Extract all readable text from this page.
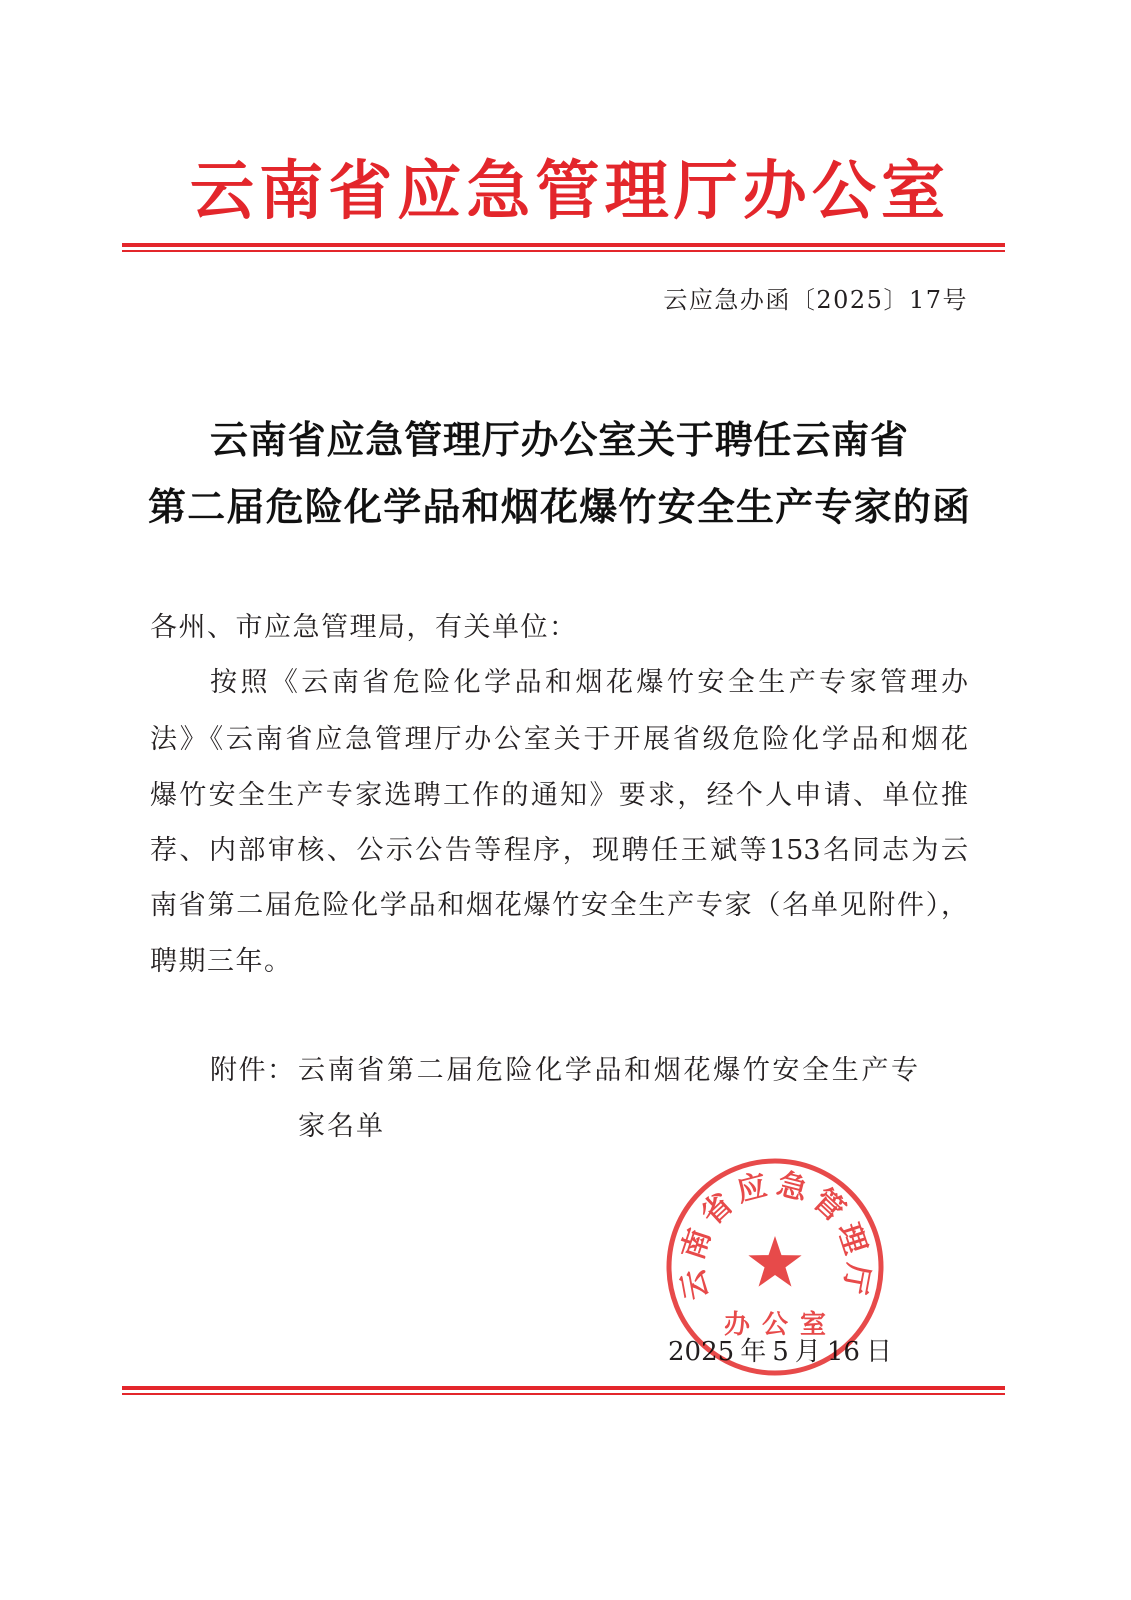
云南省应急管理厅办公室
云应急办函〔2025〕17号
云南省应急管理厅办公室关于聘任云南省
第二届危险化学品和烟花爆竹安全生产专家的函
各州、市应急管理局，有关单位：
按照《云南省危险化学品和烟花爆竹安全生产专家管理办
法》《云南省应急管理厅办公室关于开展省级危险化学品和烟花
爆竹安全生产专家选聘工作的通知》要求，经个人申请、单位推
荐、内部审核、公示公告等程序，现聘任王斌等153名同志为云
南省第二届危险化学品和烟花爆竹安全生产专家（名单见附件），
聘期三年。
附件： 云南省第二届危险化学品和烟花爆竹安全生产专
家名单
2025年5月16日
云南省应急管理厅
办公室
